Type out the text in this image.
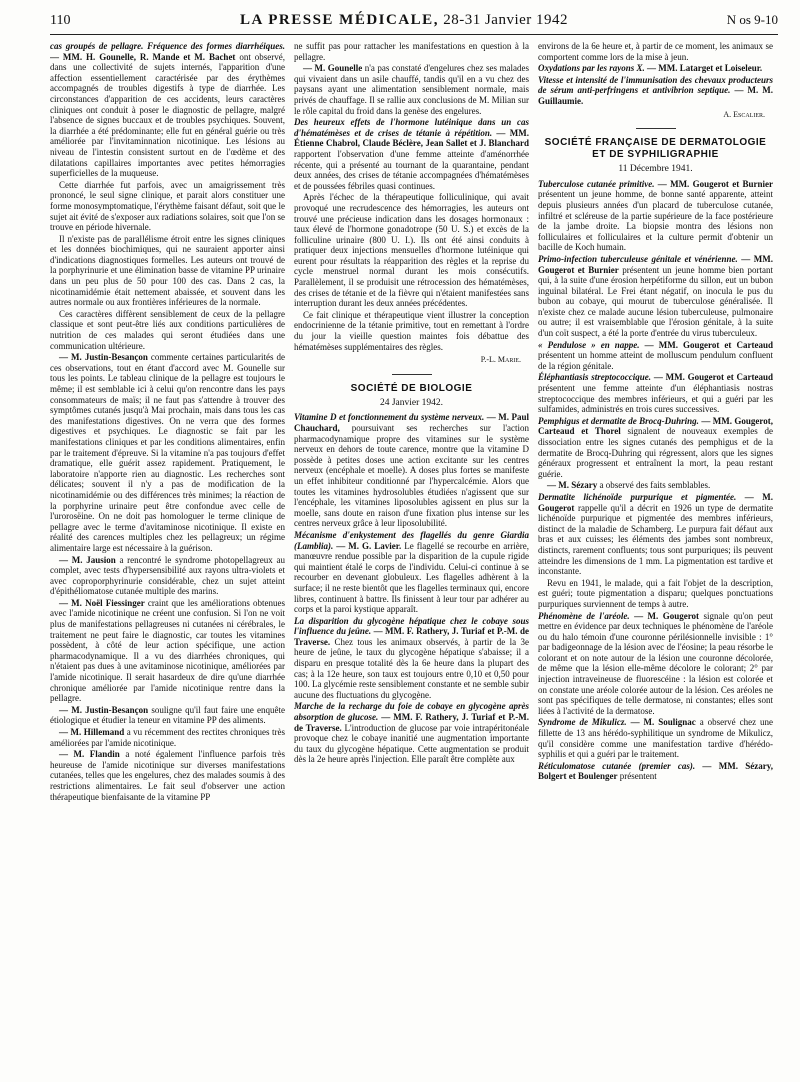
110	LA PRESSE MÉDICALE, 28-31 Janvier 1942	N os 9-10

cas groupés de pellagre. Fréquence des formes diarrhéiques. — MM. H. Gounelle, R. Mande et M. Bachet ont observé, dans une collectivité de sujets internés, l'apparition d'une affection essentiellement caractérisée par des érythèmes accompagnés de troubles digestifs à type de diarrhée. Les circonstances d'apparition de ces accidents, leurs caractères cliniques ont conduit à poser le diagnostic de pellagre, malgré l'absence de signes buccaux et de troubles psychiques. Souvent, la diarrhée a été prédominante; elle fut en général guérie ou très améliorée par l'invitaminnation nicotinique. Les lésions au niveau de l'intestin consistent surtout en de l'œdème et des dilatations capillaires importantes avec petites hémorragies superficielles de la muqueuse.

Cette diarrhée fut parfois, avec un amaigrissement très prononcé, le seul signe clinique, et parait alors constituer une forme monosymptomatique, l'érythème faisant défaut, soit que le sujet ait évité de s'exposer aux radiations solaires, soit que l'on se trouve en période hivernale.

Il n'existe pas de parallélisme étroit entre les signes cliniques et les données biochimiques, qui ne sauraient apporter ainsi d'indications diagnostiques formelles. Les auteurs ont trouvé de la porphyrinurie et une élimination basse de vitamine PP urinaire dans un peu plus de 50 pour 100 des cas. Dans 2 cas, la nicotinamidémie était nettement abaissée, et souvent dans les autres normale ou aux frontières inférieures de la normale.

Ces caractères diffèrent sensiblement de ceux de la pellagre classique et sont peut-être liés aux conditions particulières de nutrition de ces malades qui seront étudiées dans une communication ultérieure.

— M. Justin-Besançon commente certaines particularités de ces observations, tout en étant d'accord avec M. Gounelle sur tous les points. Le tableau clinique de la pellagre est toujours le même; il est semblable ici à celui qu'on rencontre dans les pays consommateurs de maïs; il ne faut pas s'attendre à trouver des symptômes cutanés jusqu'à Mai prochain, mais dans tous les cas des manifestations digestives. On ne verra que des formes digestives et psychiques. Le diagnostic se fait par les manifestations cliniques et par les conditions alimentaires, enfin par le traitement d'épreuve. Si la vitamine n'a pas toujours d'effet dramatique, elle guérit assez rapidement. Pratiquement, le laboratoire n'apporte rien au diagnostic. Les recherches sont délicates; souvent il n'y a pas de modification de la nicotinamidémie ou des différences très minimes; la réaction de la porphyrine urinaire peut être confondue avec celle de l'urorosëine. On ne doit pas homologuer le terme clinique de pellagre avec le terme d'avitaminose nicotinique. Il existe en réalité des carences multiples chez les pellagreux; un régime alimentaire large est nécessaire à la guérison.

— M. Jausion a rencontré le syndrome photopellagreux au complet, avec tests d'hypersensibilité aux rayons ultra-violets et avec coproporphyrinurie considérable, chez un sujet atteint d'épithéliomatose cutanée multiple des marins.

— M. Noël Fiessinger craint que les améliorations obtenues avec l'amide nicotinique ne créent une confusion. Si l'on ne voit plus de manifestations pellagreuses ni cutanées ni cérébrales, le traitement ne peut faire le diagnostic, car toutes les vitamines possèdent, à côté de leur action spécifique, une action pharmacodynamique. Il a vu des diarrhées chroniques, qui n'étaient pas dues à une avitaminose nicotinique, améliorées par l'amide nicotinique. Il serait hasardeux de dire qu'une diarrhée chronique améliorée par l'amide nicotinique rentre dans la pellagre.

— M. Justin-Besançon souligne qu'il faut faire une enquête étiologique et étudier la teneur en vitamine PP des aliments.

— M. Hillemand a vu récemment des rectites chroniques très améliorées par l'amide nicotinique.

— M. Flandin a noté également l'influence parfois très heureuse de l'amide nicotinique sur diverses manifestations cutanées, telles que les engelures, chez des malades soumis à des restrictions alimentaires. Le fait seul d'observer une action thérapeutique bienfaisante de la vitamine PP

ne suffit pas pour rattacher les manifestations en question à la pellagre.

— M. Gounelle n'a pas constaté d'engelures chez ses malades qui vivaient dans un asile chauffé, tandis qu'il en a vu chez des paysans ayant une alimentation sensiblement normale, mais privés de chauffage. Il se rallie aux conclusions de M. Milian sur le rôle capital du froid dans la genèse des engelures.

Des heureux effets de l'hormone lutéinique dans un cas d'hématémèses et de crises de tétanie à répétition. — MM. Étienne Chabrol, Claude Béclère, Jean Sallet et J. Blanchard rapportent l'observation d'une femme atteinte d'aménorrhée récente, qui a présenté au tournant de la quarantaine, pendant deux années, des crises de tétanie accompagnées d'hématémèses et de poussées fébriles quasi continues.

Après l'échec de la thérapeutique folliculinique, qui avait provoqué une recrudescence des hémorragies, les auteurs ont trouvé une précieuse indication dans les dosages hormonaux : taux élevé de l'hormone gonadotrope (50 U. S.) et excès de la folliculine urinaire (800 U. I.). Ils ont été ainsi conduits à pratiquer deux injections mensuelles d'hormone lutéinique qui eurent pour résultats la réapparition des règles et la reprise du cycle menstruel normal durant les mois consécutifs. Parallèlement, il se produisit une rétrocession des hématémèses, des crises de tétanie et de la fièvre qui n'étaient manifestées sans interruption durant les deux années précédentes.

Ce fait clinique et thérapeutique vient illustrer la conception endocrinienne de la tétanie primitive, tout en remettant à l'ordre du jour la vieille question maintes fois débattue des hématémèses supplémentaires des règles.

P.-L. Marie.
SOCIÉTÉ DE BIOLOGIE
24 Janvier 1942.

Vitamine D et fonctionnement du système nerveux. — M. Paul Chauchard, poursuivant ses recherches sur l'action pharmacodynamique propre des vitamines sur le système nerveux en dehors de toute carence, montre que la vitamine D possède à petites doses une action excitante sur les centres nerveux (encéphale et moelle). A doses plus fortes se manifeste un effet inhibiteur conditionné par l'hypercalcémie. Alors que toutes les vitamines hydrosolubles étudiées n'agissent que sur l'encéphale, les vitamines liposolubles agissent en plus sur la moelle, sans doute en raison d'une fixation plus intense sur les centres nerveux grâce à leur liposolubilité.

Mécanisme d'enkystement des flagellés du genre Giardia (Lamblia). — M. G. Lavier. Le flagellé se recourbe en arrière, manœuvre rendue possible par la disparition de la cupule rigide qui maintient étalé le corps de l'individu. Celui-ci continue à se recourber en devenant globuleux. Les flagelles adhèrent à la surface; il ne reste bientôt que les flagelles terminaux qui, encore libres, continuent à battre. Ils finissent à leur tour par adhérer au corps et la paroi kystique apparaît.

La disparition du glycogène hépatique chez le cobaye sous l'influence du jeûne. — MM. F. Rathery, J. Turiaf et P.-M. de Traverse. Chez tous les animaux observés, à partir de la 3e heure de jeûne, le taux du glycogène hépatique s'abaisse; il a disparu en presque totalité dès la 6e heure dans la plupart des cas; à la 12e heure, son taux est toujours entre 0,10 et 0,50 pour 100. La glycémie reste sensiblement constante et ne semble subir aucune des fluctuations du glycogène.

Marche de la recharge du foie de cobaye en glycogène après absorption de glucose. — MM. F. Rathery, J. Turiaf et P.-M. de Traverse. L'introduction de glucose par voie intrapéritonéale provoque chez le cobaye inanitié une augmentation importante du taux du glycogène hépatique. Cette augmentation se produit dès la 2e heure après l'injection. Elle paraît être complète aux

environs de la 6e heure et, à partir de ce moment, les animaux se comportent comme lors de la mise à jeun.

Oxydations par les rayons X. — MM. Latarget et Loiseleur.

Vitesse et intensité de l'immunisation des chevaux producteurs de sérum anti-perfringens et antivibrion septique. — M. M. Guillaumie.

A. Escalier.
SOCIÉTÉ FRANÇAISE DE DERMATOLOGIE ET DE SYPHILIGRAPHIE
11 Décembre 1941.

Tuberculose cutanée primitive. — MM. Gougerot et Burnier présentent un jeune homme, de bonne santé apparente, atteint depuis plusieurs années d'un placard de tuberculose cutanée, infiltré et scléreuse de la partie supérieure de la face postérieure de la jambe droite. La biopsie montra des lésions non folliculaires et folliculaires et la culture permit d'obtenir un bacille de Koch humain.

Primo-infection tuberculeuse génitale et vénérienne. — MM. Gougerot et Burnier présentent un jeune homme bien portant qui, à la suite d'une érosion herpétiforme du sillon, eut un bubon inguinal bilatéral. Le Frei étant négatif, on inocula le pus du bubon au cobaye, qui mourut de tuberculose généralisée. Il n'existe chez ce malade aucune lésion tuberculeuse, pulmonaire ou autre; il est vraisemblable que l'érosion génitale, à la suite d'un coït suspect, a été la porte d'entrée du virus tuberculeux.

« Pendulose » en nappe. — MM. Gougerot et Carteaud présentent un homme atteint de molluscum pendulum confluent de la région génitale.

Éléphantiasis streptococcique. — MM. Gougerot et Carteaud présentent une femme atteinte d'un éléphantiasis nostras streptococcique des membres inférieurs, et qui a guéri par les sulfamides, administrés en trois cures successives.

Pemphigus et dermatite de Brocq-Duhring. — MM. Gougerot, Carteaud et Thorel signalent de nouveaux exemples de dissociation entre les signes cutanés des pemphigus et de la dermatite de Brocq-Duhring qui régressent, alors que les signes généraux progressent et entraînent la mort, la peau restant guérie.

— M. Sézary a observé des faits semblables.

Dermatite lichénoïde purpurique et pigmentée. — M. Gougerot rappelle qu'il a décrit en 1926 un type de dermatite lichénoïde purpurique et pigmentée des membres inférieurs, distinct de la maladie de Schamberg. Le purpura fait défaut aux bras et aux cuisses; les éléments des jambes sont nombreux, distincts, rarement confluents; tous sont purpuriques; ils peuvent atteindre les dimensions de 1 mm. La pigmentation est tardive et inconstante.

Revu en 1941, le malade, qui a fait l'objet de la description, est guéri; toute pigmentation a disparu; quelques ponctuations purpuriques surviennent de temps à autre.

Phénomène de l'aréole. — M. Gougerot signale qu'on peut mettre en évidence par deux techniques le phénomène de l'aréole ou du halo témoin d'une couronne périlésionnelle invisible : 1° par badigeonnage de la lésion avec de l'éosine; la peau résorbe le colorant et on note autour de la lésion une couronne décolorée, de même que la lésion elle-même décolore le colorant; 2° par injection intraveineuse de fluorescéine : la lésion est colorée et on constate une aréole colorée autour de la lésion. Ces aréoles ne sont pas spécifiques de telle dermatose, ni constantes; elles sont liées à l'activité de la dermatose.

Syndrome de Mikulicz. — M. Soulignac a observé chez une fillette de 13 ans hérédo-syphilitique un syndrome de Mikulicz, qu'il considère comme une manifestation tardive d'hérédo-syphilis et qui a guéri par le traitement.

Réticulomatose cutanée (premier cas). — MM. Sézary, Bolgert et Boulenger présentent
